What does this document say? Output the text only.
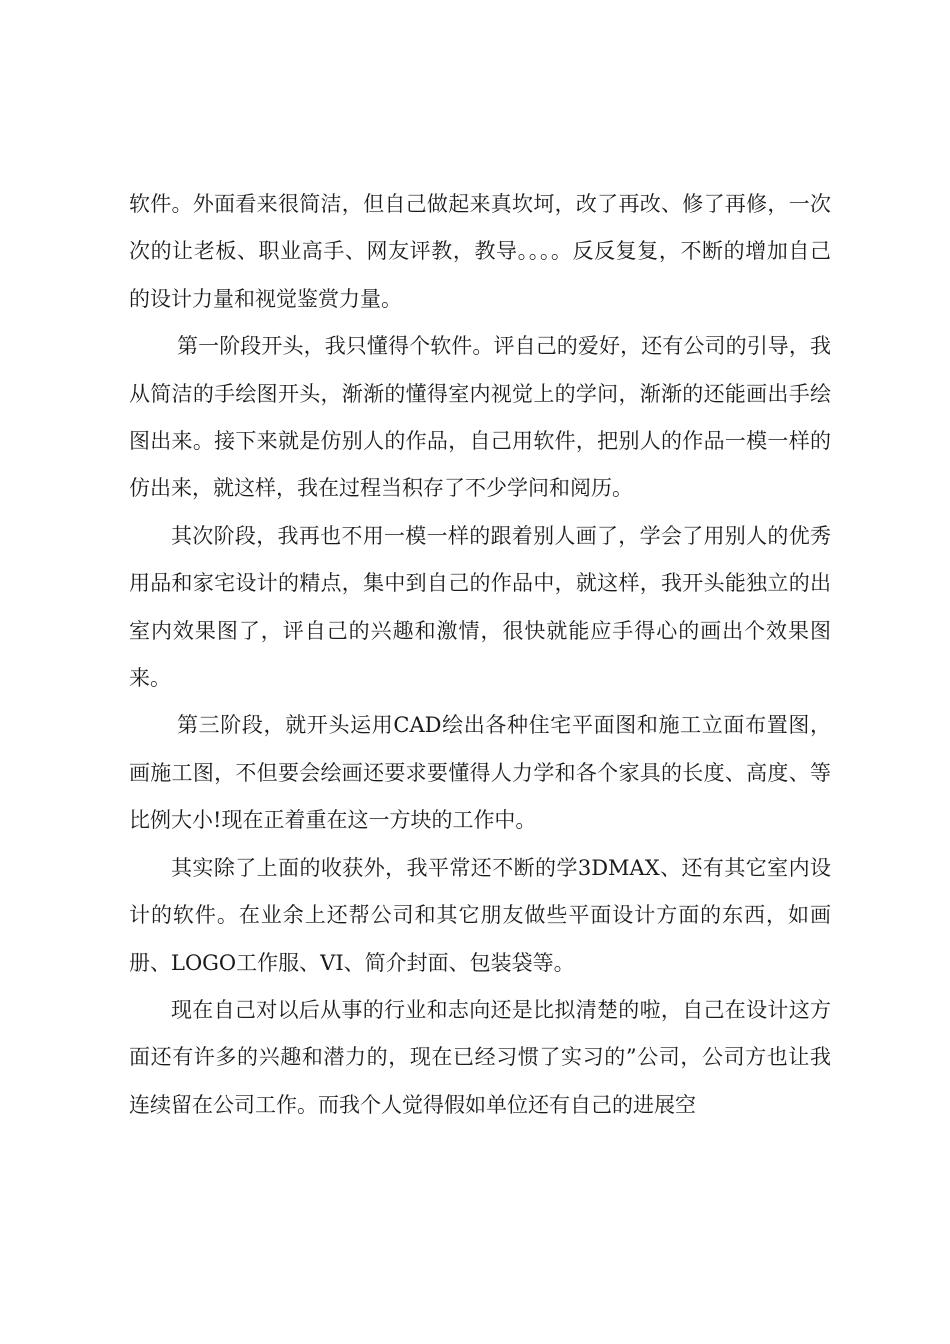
软件。外面看来很简洁，但自己做起来真坎坷，改了再改、修了再修，一次次的让老板、职业高手、网友评教，教导。。。。反反复复，不断的增加自己的设计力量和视觉鉴赏力量。

第一阶段开头，我只懂得个软件。评自己的爱好，还有公司的引导，我从简洁的手绘图开头，渐渐的懂得室内视觉上的学问，渐渐的还能画出手绘图出来。接下来就是仿别人的作品，自己用软件，把别人的作品一模一样的仿出来，就这样，我在过程当积存了不少学问和阅历。

其次阶段，我再也不用一模一样的跟着别人画了，学会了用别人的优秀用品和家宅设计的精点，集中到自己的作品中，就这样，我开头能独立的出室内效果图了，评自己的兴趣和激情，很快就能应手得心的画出个效果图来。

第三阶段，就开头运用CAD绘出各种住宅平面图和施工立面布置图，画施工图，不但要会绘画还要求要懂得人力学和各个家具的长度、高度、等比例大小!现在正着重在这一方块的工作中。

其实除了上面的收获外，我平常还不断的学3DMAX、还有其它室内设计的软件。在业余上还帮公司和其它朋友做些平面设计方面的东西，如画册、LOGO工作服、VI、简介封面、包装袋等。

现在自己对以后从事的行业和志向还是比拟清楚的啦，自己在设计这方面还有许多的兴趣和潜力的，现在已经习惯了实习的”公司，公司方也让我连续留在公司工作。而我个人觉得假如单位还有自己的进展空
